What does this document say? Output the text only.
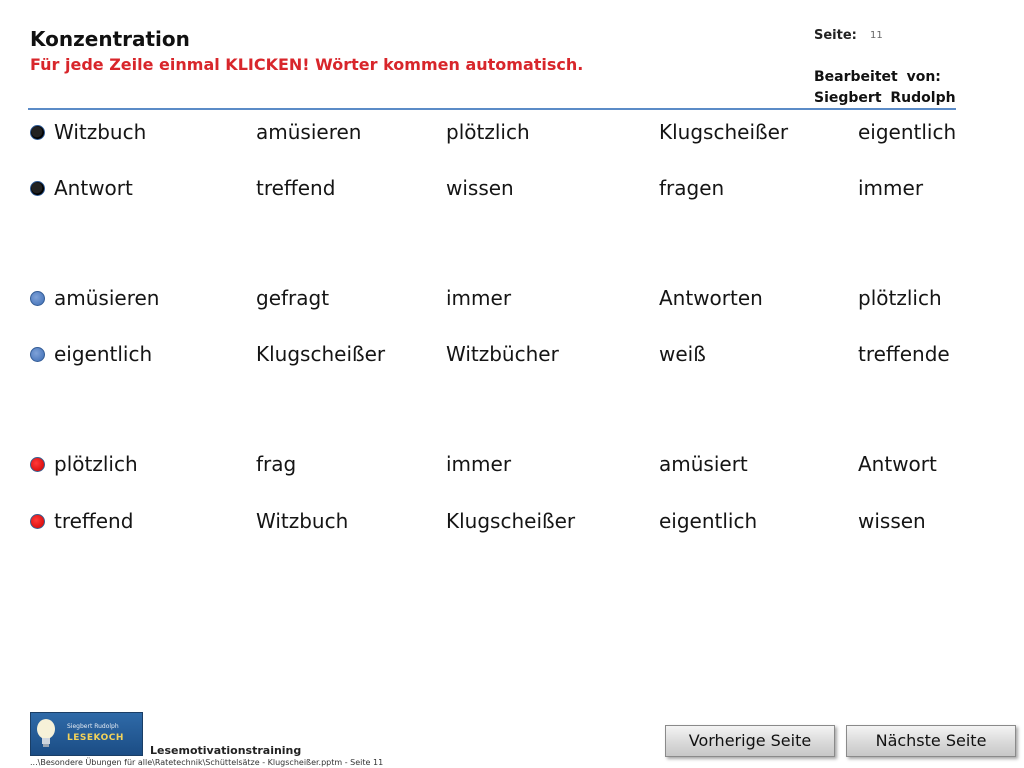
Konzentration
Für jede Zeile einmal KLICKEN! Wörter kommen automatisch.
Seite: 11
Bearbeitet von:
Siegbert Rudolph
Witzbuch	amüsieren	plötzlich	Klugscheißer	eigentlich
Antwort	treffend	wissen	fragen	immer
amüsieren	gefragt	immer	Antworten	plötzlich
eigentlich	Klugscheißer	Witzbücher	weiß	treffende
plötzlich	frag	immer	amüsiert	Antwort
treffend	Witzbuch	Klugscheißer	eigentlich	wissen
Siegbert Rudolph
LESEKOCH
Lesemotivationstraining
...\Besondere Übungen für alle\Ratetechnik\Schüttelsätze - Klugscheißer.pptm - Seite 11
Vorherige Seite	Nächste Seite
